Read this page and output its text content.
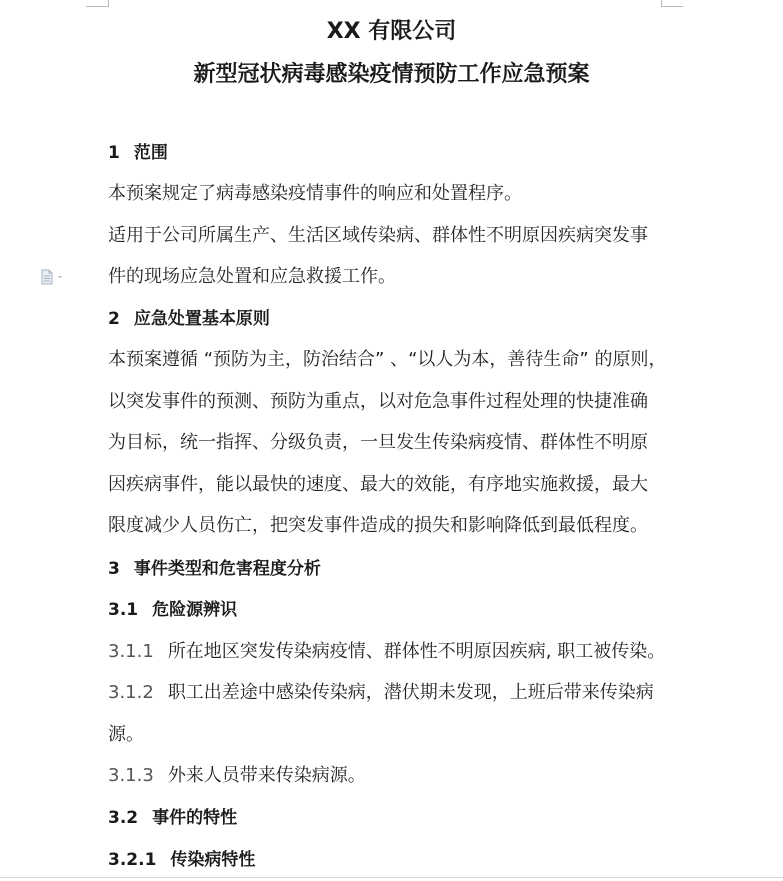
XX 有限公司
新型冠状病毒感染疫情预防工作应急预案
1 范围
本预案规定了病毒感染疫情事件的响应和处置程序。
适用于公司所属生产、生活区域传染病、群体性不明原因疾病突发事
件的现场应急处置和应急救援工作。
2 应急处置基本原则
本预案遵循 “预防为主，防治结合” 、“以人为本，善待生命” 的原则，
以突发事件的预测、预防为重点，以对危急事件过程处理的快捷准确
为目标，统一指挥、分级负责，一旦发生传染病疫情、群体性不明原
因疾病事件，能以最快的速度、最大的效能，有序地实施救援，最大
限度减少人员伤亡，把突发事件造成的损失和影响降低到最低程度。
3 事件类型和危害程度分析
3.1 危险源辨识
3.1.1 所在地区突发传染病疫情、群体性不明原因疾病, 职工被传染。
3.1.2 职工出差途中感染传染病，潜伏期未发现，上班后带来传染病
源。
3.1.3 外来人员带来传染病源。
3.2 事件的特性
3.2.1 传染病特性
